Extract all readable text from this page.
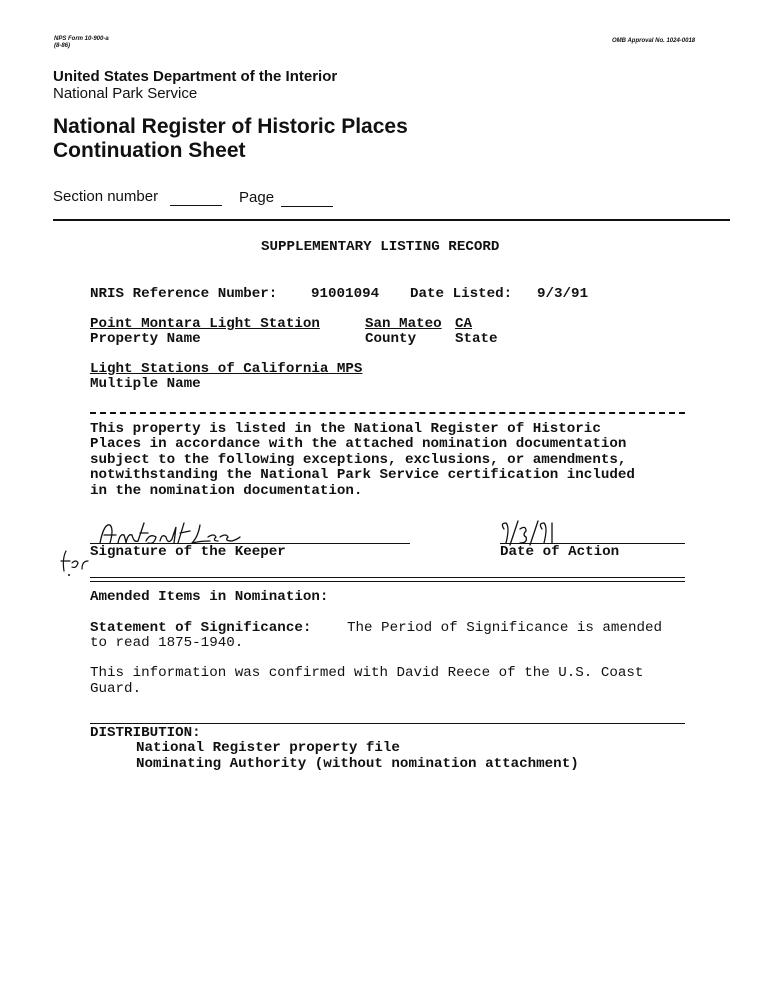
NPS Form 10-900-a
(8-86)
OMB Approval No. 1024-0018
United States Department of the Interior
National Park Service
National Register of Historic Places
Continuation Sheet
Section number	Page
SUPPLEMENTARY LISTING RECORD
NRIS Reference Number: 91001094 Date Listed: 9/3/91
Point Montara Light Station	San Mateo CA
Property Name	County	State
Light Stations of California MPS
Multiple Name
This property is listed in the National Register of Historic
Places in accordance with the attached nomination documentation
subject to the following exceptions, exclusions, or amendments,
notwithstanding the National Park Service certification included
in the nomination documentation.
Signature of the Keeper	Date of Action
Amended Items in Nomination:
Statement of Significance:	The Period of Significance is amended
to read 1875-1940.
This information was confirmed with David Reece of the U.S. Coast
Guard.
DISTRIBUTION:
National Register property file
Nominating Authority (without nomination attachment)
